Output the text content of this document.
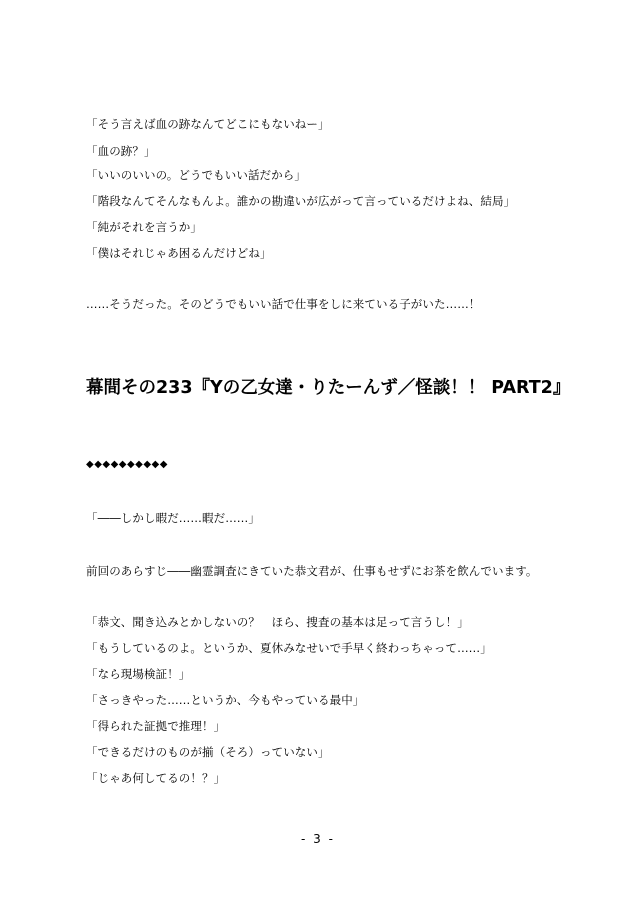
「そう言えば血の跡なんてどこにもないねー」
「血の跡？」
「いいのいいの。どうでもいい話だから」
「階段なんてそんなもんよ。誰かの勘違いが広がって言っているだけよね、結局」
「純がそれを言うか」
「僕はそれじゃあ困るんだけどね」
……そうだった。そのどうでもいい話で仕事をしに来ている子がいた……！
幕間その233『Yの乙女達・りたーんず／怪談！！ PART2』
◆◆◆◆◆◆◆◆◆◆
「――しかし暇だ……暇だ……」
前回のあらすじ――幽霊調査にきていた恭文君が、仕事もせずにお茶を飲んでいます。
「恭文、聞き込みとかしないの？　ほら、捜査の基本は足って言うし！」
「もうしているのよ。というか、夏休みなせいで手早く終わっちゃって……」
「なら現場検証！」
「さっきやった……というか、今もやっている最中」
「得られた証拠で推理！」
「できるだけのものが揃（そろ）っていない」
「じゃあ何してるの！？」
- 3 -
